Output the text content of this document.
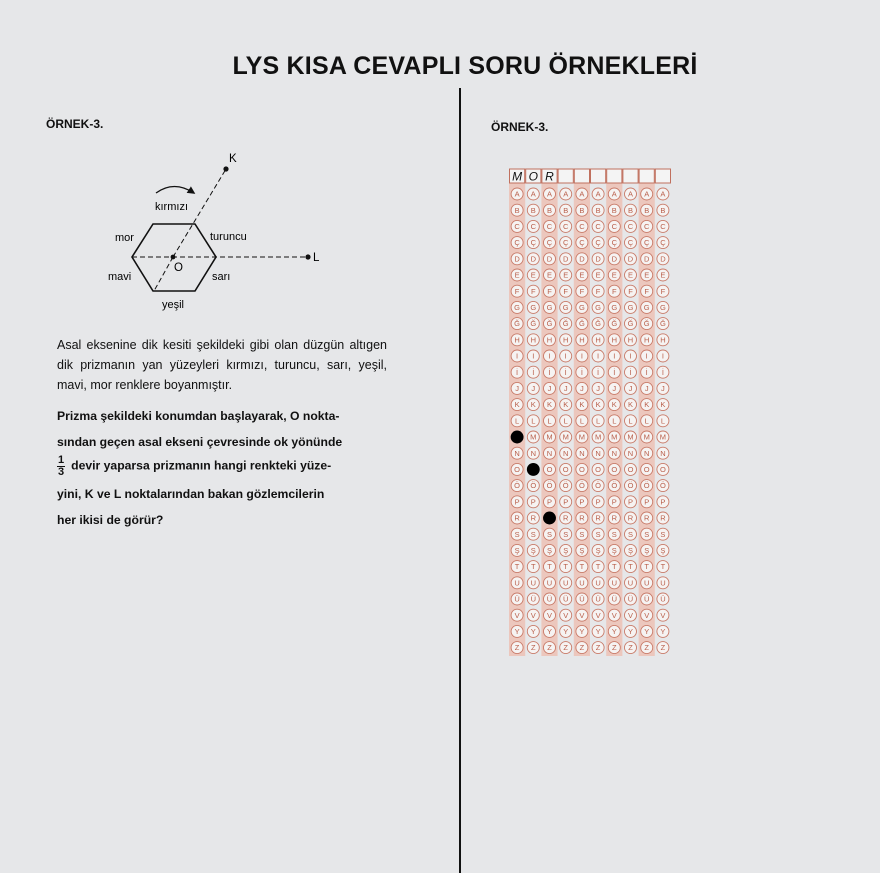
LYS KISA CEVAPLI SORU ÖRNEKLERİ
ÖRNEK-3.
K
L
O
kırmızı
turuncu
sarı
yeşil
mavi
mor
Asal eksenine dik kesiti şekildeki gibi olan düzgün altıgen dik prizmanın yan yüzeyleri kırmızı, turuncu, sarı, yeşil, mavi, mor renklere boyanmıştır.
Prizma şekildeki konumdan başlayarak, O nokta-
sından geçen asal ekseni çevresinde ok yönünde
$\frac{1}{3}$ devir yaparsa prizmanın hangi renkteki yüze-
yini, K ve L noktalarından bakan gözlemcilerin
her ikisi de görür?
ÖRNEK-3.
M O R
A
B
C
Ç
D
E
F
G
Ğ
H
I
İ
J
K
L
N
O
Ö
P
R
S
Ş
T
U
Ü
V
Y
Z
A
B
C
Ç
D
E
F
G
Ğ
H
I
İ
J
K
L
M
N
Ö
P
R
S
Ş
T
U
Ü
V
Y
Z
A
B
C
Ç
D
E
F
G
Ğ
H
I
İ
J
K
L
M
N
O
Ö
P
S
Ş
T
U
Ü
V
Y
Z
A
B
C
Ç
D
E
F
G
Ğ
H
I
İ
J
K
L
M
N
O
Ö
P
R
S
Ş
T
U
Ü
V
Y
Z
A
B
C
Ç
D
E
F
G
Ğ
H
I
İ
J
K
L
M
N
O
Ö
P
R
S
Ş
T
U
Ü
V
Y
Z
A
B
C
Ç
D
E
F
G
Ğ
H
I
İ
J
K
L
M
N
O
Ö
P
R
S
Ş
T
U
Ü
V
Y
Z
A
B
C
Ç
D
E
F
G
Ğ
H
I
İ
J
K
L
M
N
O
Ö
P
R
S
Ş
T
U
Ü
V
Y
Z
A
B
C
Ç
D
E
F
G
Ğ
H
I
İ
J
K
L
M
N
O
Ö
P
R
S
Ş
T
U
Ü
V
Y
Z
A
B
C
Ç
D
E
F
G
Ğ
H
I
İ
J
K
L
M
N
O
Ö
P
R
S
Ş
T
U
Ü
V
Y
Z
A
B
C
Ç
D
E
F
G
Ğ
H
I
İ
J
K
L
M
N
O
Ö
P
R
S
Ş
T
U
Ü
V
Y
Z
